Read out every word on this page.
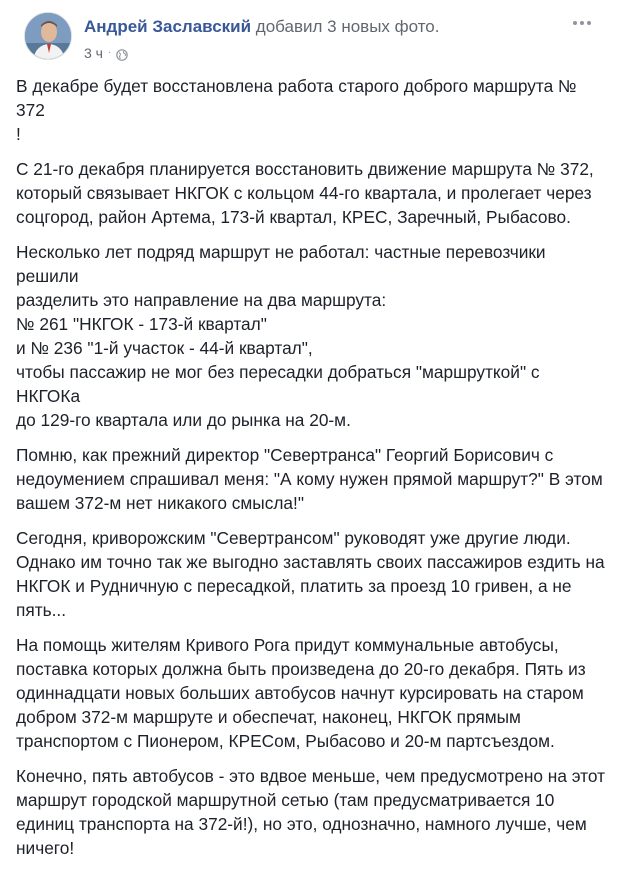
Андрей Заславский добавил 3 новых фото.
3 ч ·

В декабре будет восстановлена работа старого доброго маршрута № 372
!

С 21-го декабря планируется восстановить движение маршрута № 372,
который связывает НКГОК с кольцом 44-го квартала, и пролегает через
соцгород, район Артема, 173-й квартал, КРЕС, Заречный, Рыбасово.

Несколько лет подряд маршрут не работал: частные перевозчики решили
разделить это направление на два маршрута:
№ 261 "НКГОК - 173-й квартал"
и № 236 "1-й участок - 44-й квартал",
чтобы пассажир не мог без пересадки добраться "маршруткой" с НКГОКа
до 129-го квартала или до рынка на 20-м.

Помню, как прежний директор "Севертранса" Георгий Борисович с
недоумением спрашивал меня: "А кому нужен прямой маршрут?" В этом
вашем 372-м нет никакого смысла!"

Сегодня, криворожским "Севертрансом" руководят уже другие люди.
Однако им точно так же выгодно заставлять своих пассажиров ездить на
НКГОК и Рудничную с пересадкой, платить за проезд 10 гривен, а не
пять...

На помощь жителям Кривого Рога придут коммунальные автобусы,
поставка которых должна быть произведена до 20-го декабря. Пять из
одиннадцати новых больших автобусов начнут курсировать на старом
добром 372-м маршруте и обеспечат, наконец, НКГОК прямым
транспортом с Пионером, КРЕСом, Рыбасово и 20-м партсъездом.

Конечно, пять автобусов - это вдвое меньше, чем предусмотрено на этот
маршрут городской маршрутной сетью (там предусматривается 10
единиц транспорта на 372-й!), но это, однозначно, намного лучше, чем
ничего!
